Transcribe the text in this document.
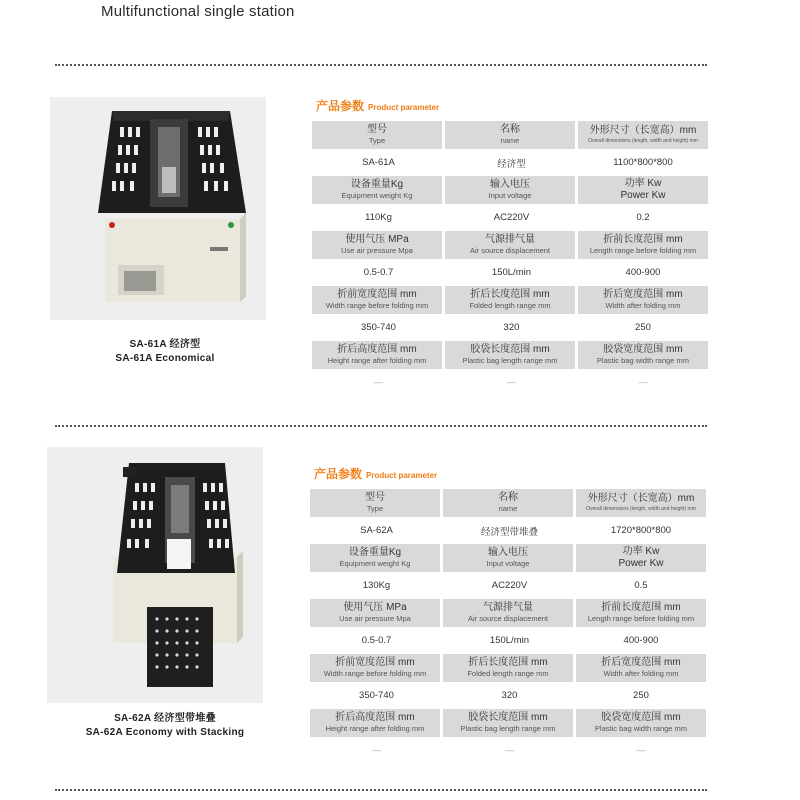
Multifunctional single station
SA-61A 经济型
SA-61A Economical
产品参数 Product parameter
型号
Type	名称
name	外形尺寸（长宽高）mm
Overall dimensions (length, width and height) mm

SA-61A	经济型	1100*800*800

设备重量Kg
Equipment weight Kg	输入电压
Input voltage	功率 Kw
Power Kw

110Kg	AC220V	0.2

使用气压 MPa
Use air pressure Mpa	气源排气量
Air source displacement	折前长度范围 mm
Length range before folding mm

0.5-0.7	150L/min	400-900

折前宽度范围 mm
Width range before folding mm	折后长度范围 mm
Folded length range mm	折后宽度范围 mm
Width after folding mm

350-740	320	250

折后高度范围 mm
Height range after folding mm	胶袋长度范围 mm
Plastic bag length range mm	胶袋宽度范围 mm
Plastic bag width range mm

—	—	—
SA-62A 经济型带堆叠
SA-62A Economy with Stacking
产品参数 Product parameter
型号
Type	名称
name	外形尺寸（长宽高）mm
Overall dimensions (length, width and height) mm

SA-62A	经济型带堆叠	1720*800*800

设备重量Kg
Equipment weight Kg	输入电压
Input voltage	功率 Kw
Power Kw

130Kg	AC220V	0.5

使用气压 MPa
Use air pressure Mpa	气源排气量
Air source displacement	折前长度范围 mm
Length range before folding mm

0.5-0.7	150L/min	400-900

折前宽度范围 mm
Width range before folding mm	折后长度范围 mm
Folded length range mm	折后宽度范围 mm
Width after folding mm

350-740	320	250

折后高度范围 mm
Height range after folding mm	胶袋长度范围 mm
Plastic bag length range mm	胶袋宽度范围 mm
Plastic bag width range mm

—	—	—
